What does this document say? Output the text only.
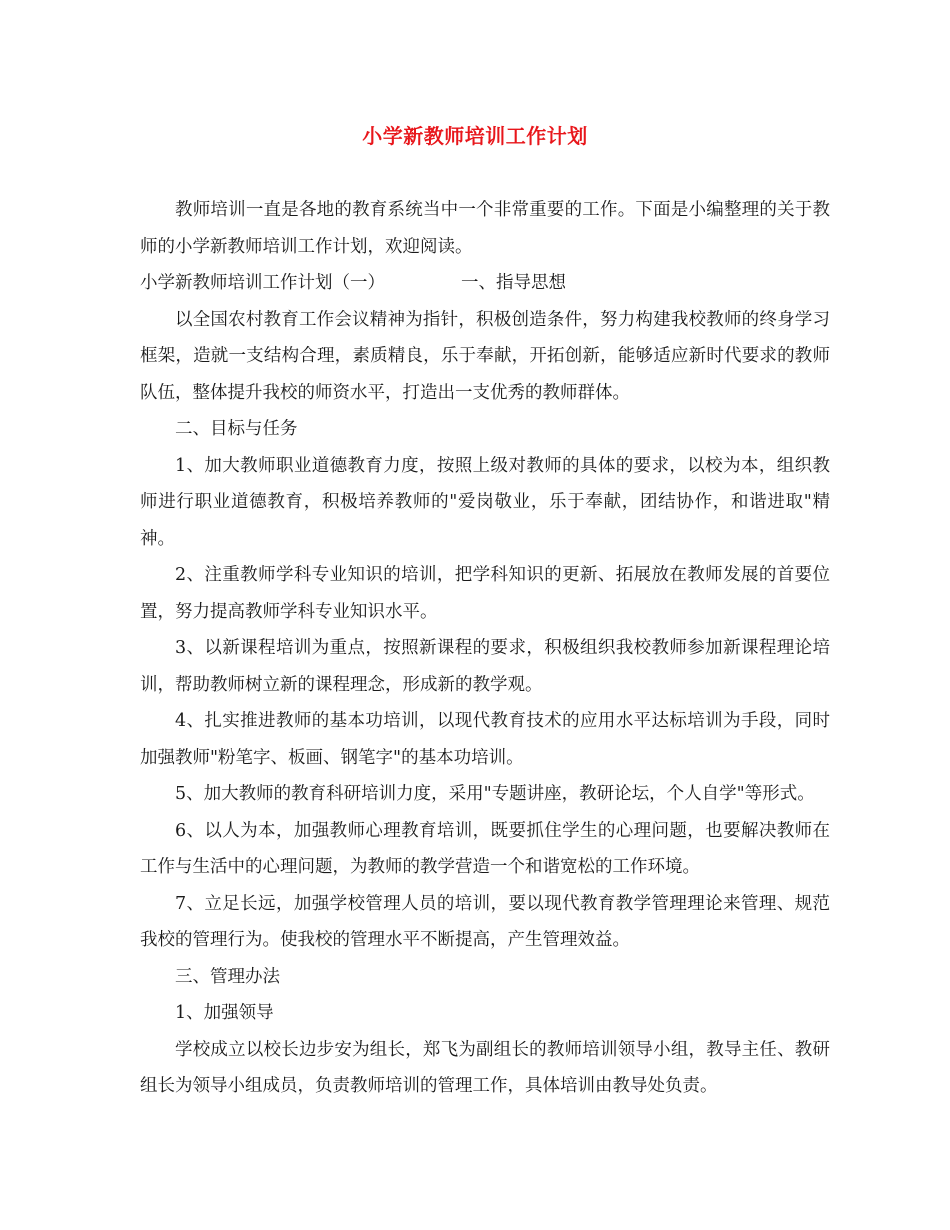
小学新教师培训工作计划

教师培训一直是各地的教育系统当中一个非常重要的工作。下面是小编整理的关于教师的小学新教师培训工作计划，欢迎阅读。

小学新教师培训工作计划（一）	一、指导思想

以全国农村教育工作会议精神为指针，积极创造条件，努力构建我校教师的终身学习框架，造就一支结构合理，素质精良，乐于奉献，开拓创新，能够适应新时代要求的教师队伍，整体提升我校的师资水平，打造出一支优秀的教师群体。

二、目标与任务

1、加大教师职业道德教育力度，按照上级对教师的具体的要求，以校为本，组织教师进行职业道德教育，积极培养教师的"爱岗敬业，乐于奉献，团结协作，和谐进取"精神。

2、注重教师学科专业知识的培训，把学科知识的更新、拓展放在教师发展的首要位置，努力提高教师学科专业知识水平。

3、以新课程培训为重点，按照新课程的要求，积极组织我校教师参加新课程理论培训，帮助教师树立新的课程理念，形成新的教学观。

4、扎实推进教师的基本功培训，以现代教育技术的应用水平达标培训为手段，同时加强教师"粉笔字、板画、钢笔字"的基本功培训。

5、加大教师的教育科研培训力度，采用"专题讲座，教研论坛，个人自学"等形式。

6、以人为本，加强教师心理教育培训，既要抓住学生的心理问题，也要解决教师在工作与生活中的心理问题，为教师的教学营造一个和谐宽松的工作环境。

7、立足长远，加强学校管理人员的培训，要以现代教育教学管理理论来管理、规范我校的管理行为。使我校的管理水平不断提高，产生管理效益。

三、管理办法

1、加强领导

学校成立以校长边步安为组长，郑飞为副组长的教师培训领导小组，教导主任、教研组长为领导小组成员，负责教师培训的管理工作，具体培训由教导处负责。
